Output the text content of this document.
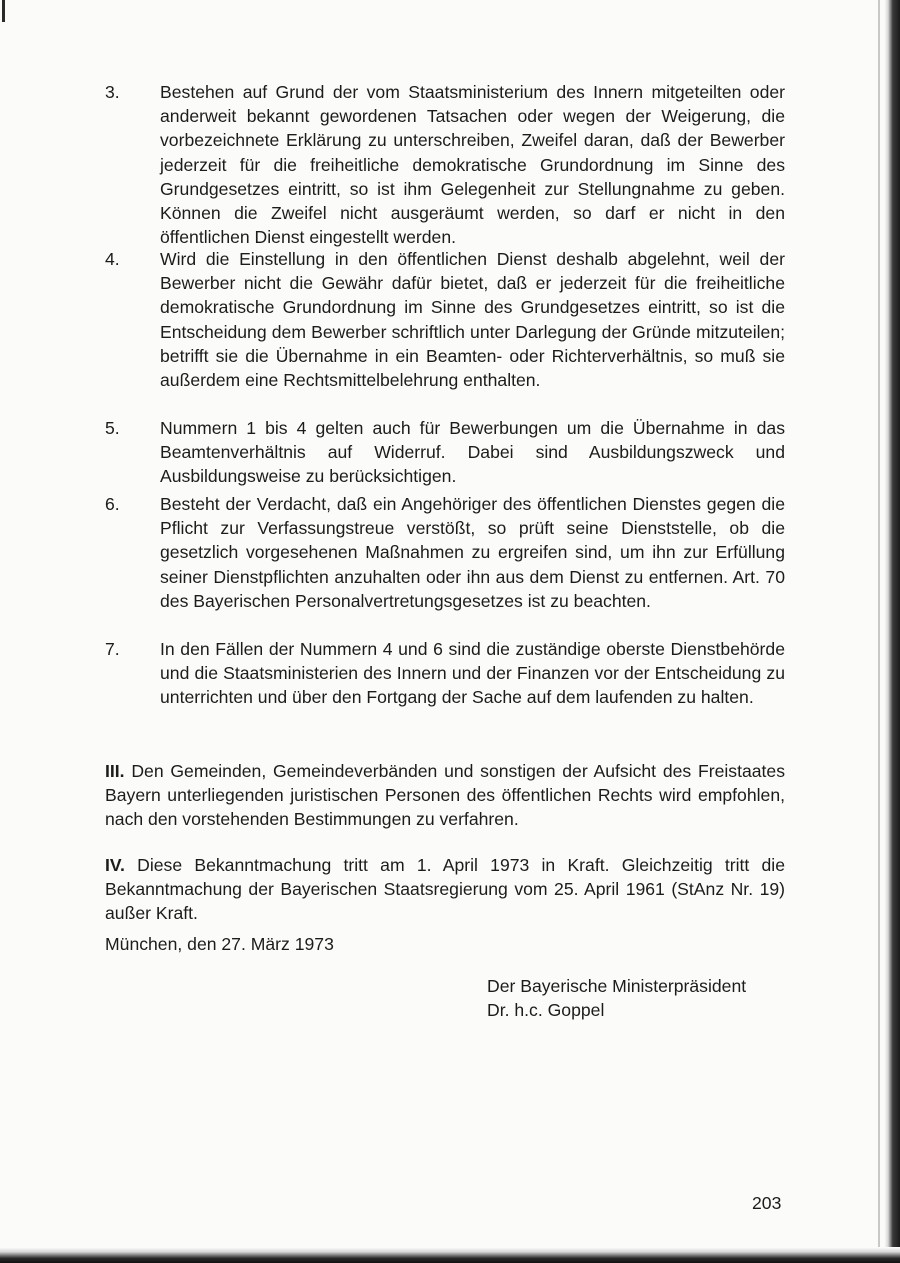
3. Bestehen auf Grund der vom Staatsministerium des Innern mitgeteilten oder anderweit bekannt gewordenen Tatsachen oder wegen der Weigerung, die vorbezeichnete Erklärung zu unterschreiben, Zweifel daran, daß der Bewerber jederzeit für die freiheitliche demokratische Grundordnung im Sinne des Grundgesetzes eintritt, so ist ihm Gelegenheit zur Stellungnahme zu geben. Können die Zweifel nicht ausgeräumt werden, so darf er nicht in den öffentlichen Dienst eingestellt werden.
4. Wird die Einstellung in den öffentlichen Dienst deshalb abgelehnt, weil der Bewerber nicht die Gewähr dafür bietet, daß er jederzeit für die freiheitliche demokratische Grundordnung im Sinne des Grundgesetzes eintritt, so ist die Entscheidung dem Bewerber schriftlich unter Darlegung der Gründe mitzuteilen; betrifft sie die Übernahme in ein Beamten- oder Richterverhältnis, so muß sie außerdem eine Rechtsmittelbelehrung enthalten.
5. Nummern 1 bis 4 gelten auch für Bewerbungen um die Übernahme in das Beamtenverhältnis auf Widerruf. Dabei sind Ausbildungszweck und Ausbildungsweise zu berücksichtigen.
6. Besteht der Verdacht, daß ein Angehöriger des öffentlichen Dienstes gegen die Pflicht zur Verfassungstreue verstößt, so prüft seine Dienststelle, ob die gesetzlich vorgesehenen Maßnahmen zu ergreifen sind, um ihn zur Erfüllung seiner Dienstpflichten anzuhalten oder ihn aus dem Dienst zu entfernen. Art. 70 des Bayerischen Personalvertretungsgesetzes ist zu beachten.
7. In den Fällen der Nummern 4 und 6 sind die zuständige oberste Dienstbehörde und die Staatsministerien des Innern und der Finanzen vor der Entscheidung zu unterrichten und über den Fortgang der Sache auf dem laufenden zu halten.
III. Den Gemeinden, Gemeindeverbänden und sonstigen der Aufsicht des Freistaates Bayern unterliegenden juristischen Personen des öffentlichen Rechts wird empfohlen, nach den vorstehenden Bestimmungen zu verfahren.
IV. Diese Bekanntmachung tritt am 1. April 1973 in Kraft. Gleichzeitig tritt die Bekanntmachung der Bayerischen Staatsregierung vom 25. April 1961 (StAnz Nr. 19) außer Kraft.
München, den 27. März 1973
Der Bayerische Ministerpräsident
Dr. h.c. Goppel
203
